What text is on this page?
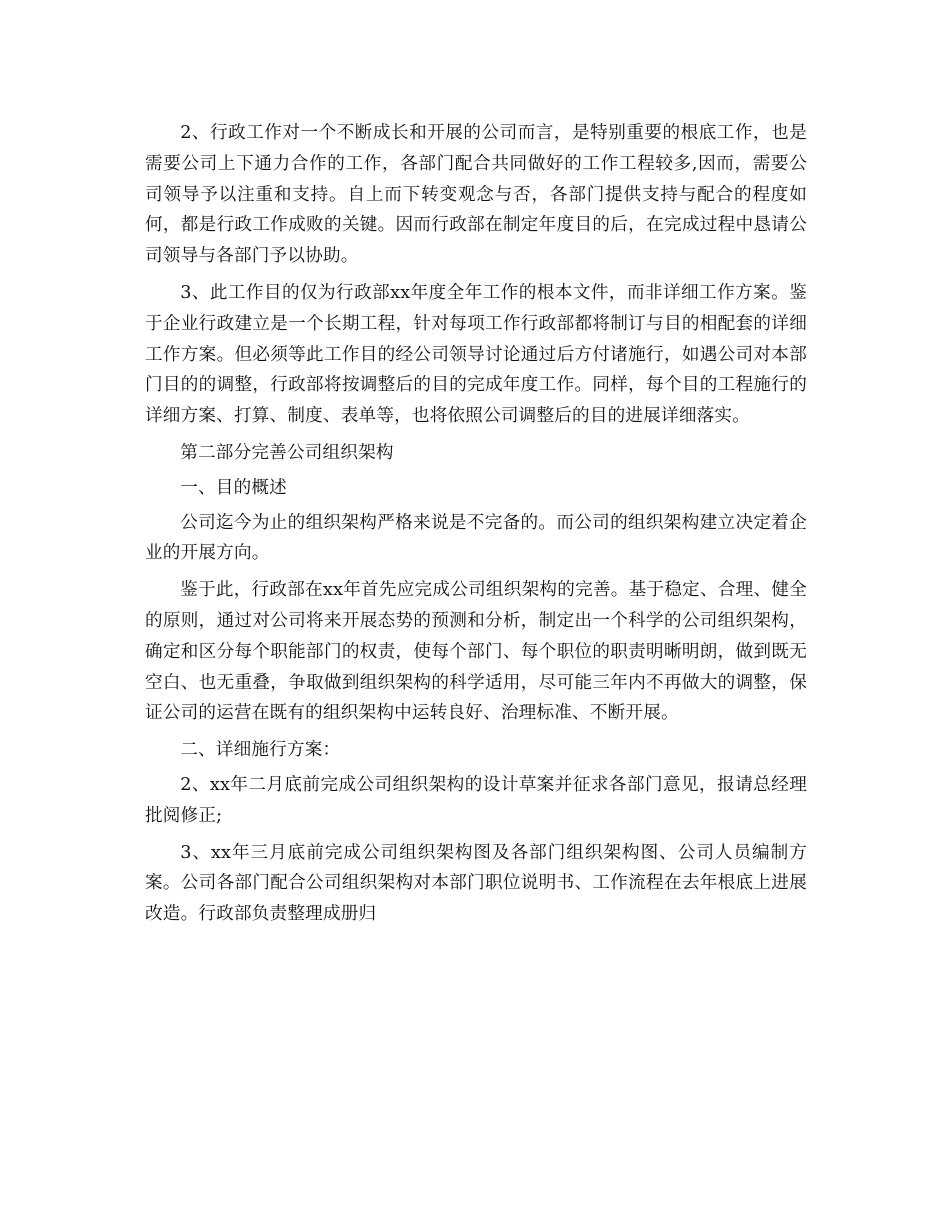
2、行政工作对一个不断成长和开展的公司而言，是特别重要的根底工作，也是需要公司上下通力合作的工作，各部门配合共同做好的工作工程较多,因而，需要公司领导予以注重和支持。自上而下转变观念与否，各部门提供支持与配合的程度如何，都是行政工作成败的关键。因而行政部在制定年度目的后，在完成过程中恳请公司领导与各部门予以协助。

3、此工作目的仅为行政部xx年度全年工作的根本文件，而非详细工作方案。鉴于企业行政建立是一个长期工程，针对每项工作行政部都将制订与目的相配套的详细工作方案。但必须等此工作目的经公司领导讨论通过后方付诸施行，如遇公司对本部门目的的调整，行政部将按调整后的目的完成年度工作。同样，每个目的工程施行的详细方案、打算、制度、表单等，也将依照公司调整后的目的进展详细落实。

第二部分完善公司组织架构

一、目的概述

公司迄今为止的组织架构严格来说是不完备的。而公司的组织架构建立决定着企业的开展方向。

鉴于此，行政部在xx年首先应完成公司组织架构的完善。基于稳定、合理、健全的原则，通过对公司将来开展态势的预测和分析，制定出一个科学的公司组织架构，确定和区分每个职能部门的权责，使每个部门、每个职位的职责明晰明朗，做到既无空白、也无重叠，争取做到组织架构的科学适用，尽可能三年内不再做大的调整，保证公司的运营在既有的组织架构中运转良好、治理标准、不断开展。

二、详细施行方案：

2、xx年二月底前完成公司组织架构的设计草案并征求各部门意见，报请总经理批阅修正;

3、xx年三月底前完成公司组织架构图及各部门组织架构图、公司人员编制方案。公司各部门配合公司组织架构对本部门职位说明书、工作流程在去年根底上进展改造。行政部负责整理成册归
